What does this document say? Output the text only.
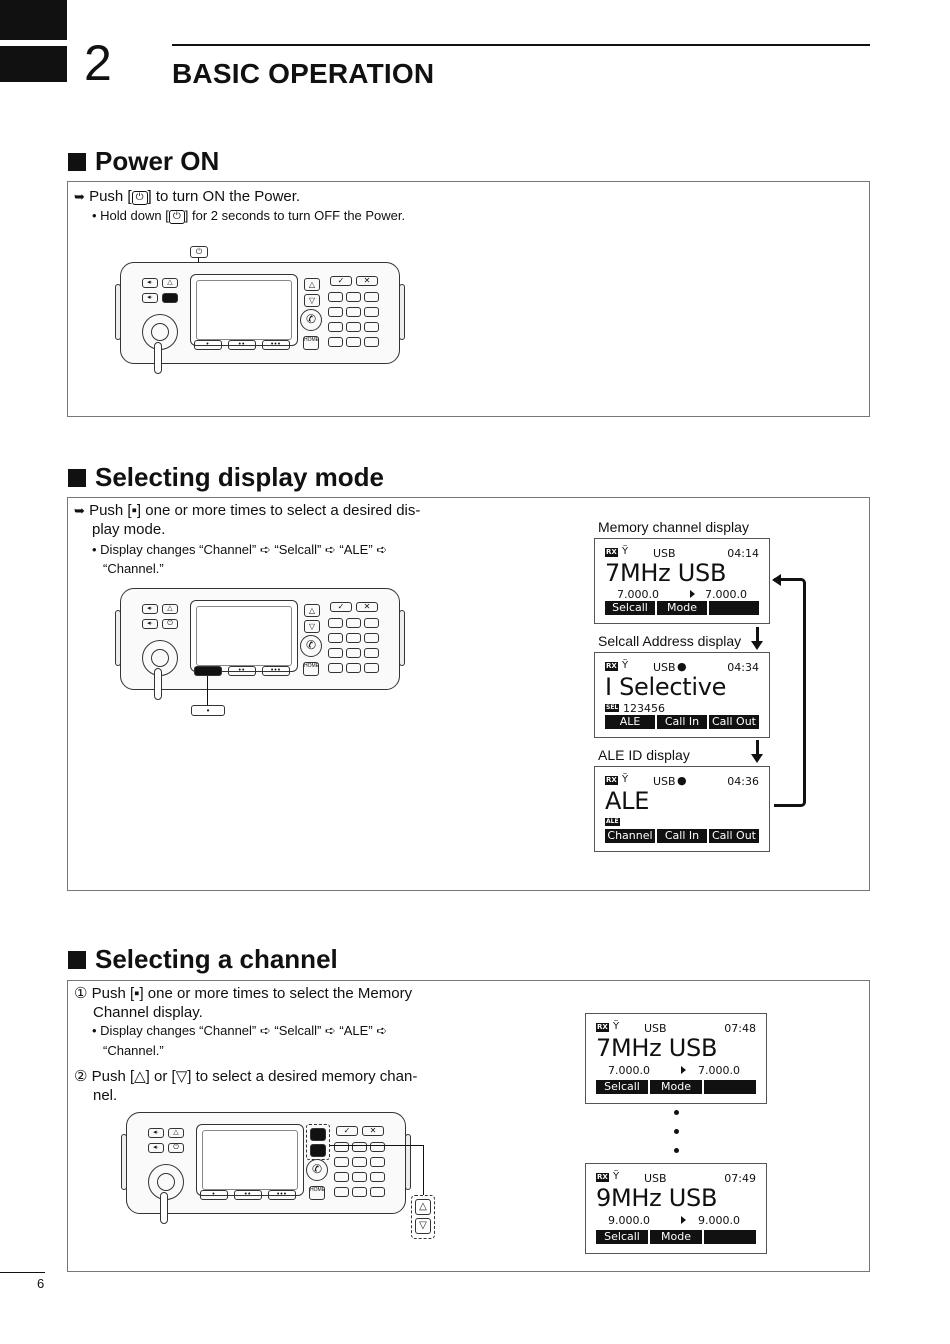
2 BASIC OPERATION
Power ON
➥ Push [ ⏻ ] to turn ON the Power.
• Hold down [ ⏻ ] for 2 seconds to turn OFF the Power.
⏻
◂·	△
◂·
•	••	•••
△
▽
✓	✕
✆
HOME
Selecting display mode
➥ Push [▪] one or more times to select a desired dis-
play mode.
• Display changes “Channel” ➪ “Selcall” ➪ “ALE” ➪
“Channel.”
◂·	△
◂·	⏻
••	•••
△
▽
✓	✕
✆
HOME
•
Memory channel display
Selcall Address display
ALE ID display
RX Ÿ USB	04:14
7MHz USB
7.000.0	7.000.0
Selcall	Mode
RX Ÿ USB ●	04:34
I Selective
SEL 123456
ALE	Call In	Call Out
RX Ÿ USB ●	04:36
ALE
ALE
Channel	Call In	Call Out
Selecting a channel
① Push [▪] one or more times to select the Memory
Channel display.
• Display changes “Channel” ➪ “Selcall” ➪ “ALE” ➪
“Channel.”
② Push [△] or [▽] to select a desired memory chan-
nel.
◂·	△
◂·	⏻
•	••	•••
✓	✕
✆
HOME
△
▽
RX Ÿ USB	07:48
7MHz USB
7.000.0	7.000.0
Selcall	Mode
RX Ÿ USB	07:49
9MHz USB
9.000.0	9.000.0
Selcall	Mode
6
